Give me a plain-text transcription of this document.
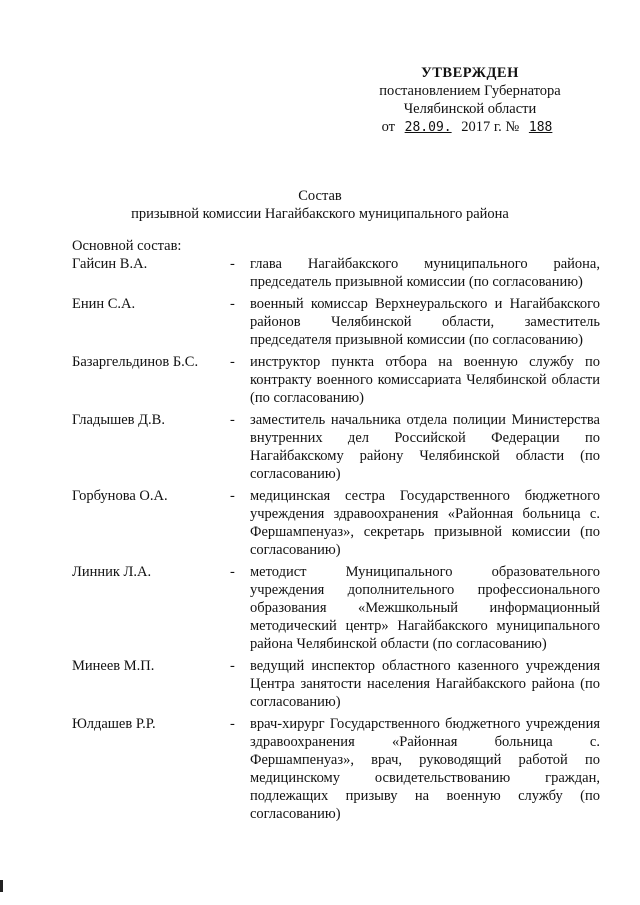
УТВЕРЖДЕН
постановлением Губернатора
Челябинской области
от 28.09. 2017 г. № 188
Состав
призывной комиссии Нагайбакского муниципального района
Основной состав:
Гайсин В.А.	-	глава Нагайбакского муниципального района, председатель призывной комиссии (по согласованию)
Енин С.А.	-	военный комиссар Верхнеуральского и Нагайбакского районов Челябинской области, заместитель председателя призывной комиссии (по согласованию)
Базаргельдинов Б.С.	-	инструктор пункта отбора на военную службу по контракту военного комиссариата Челябинской области (по согласованию)
Гладышев Д.В.	-	заместитель начальника отдела полиции Министерства внутренних дел Российской Федерации по Нагайбакскому району Челябинской области (по согласованию)
Горбунова О.А.	-	медицинская сестра Государственного бюджетного учреждения здравоохранения «Районная больница с. Фершампенуаз», секретарь призывной комиссии (по согласованию)
Линник Л.А.	-	методист Муниципального образовательного учреждения дополнительного профессионального образования «Межшкольный информационный методический центр» Нагайбакского муниципального района Челябинской области (по согласованию)
Минеев М.П.	-	ведущий инспектор областного казенного учреждения Центра занятости населения Нагайбакского района (по согласованию)
Юлдашев Р.Р.	-	врач-хирург Государственного бюджетного учреждения здравоохранения «Районная больница с. Фершампенуаз», врач, руководящий работой по медицинскому освидетельствованию граждан, подлежащих призыву на военную службу (по согласованию)
